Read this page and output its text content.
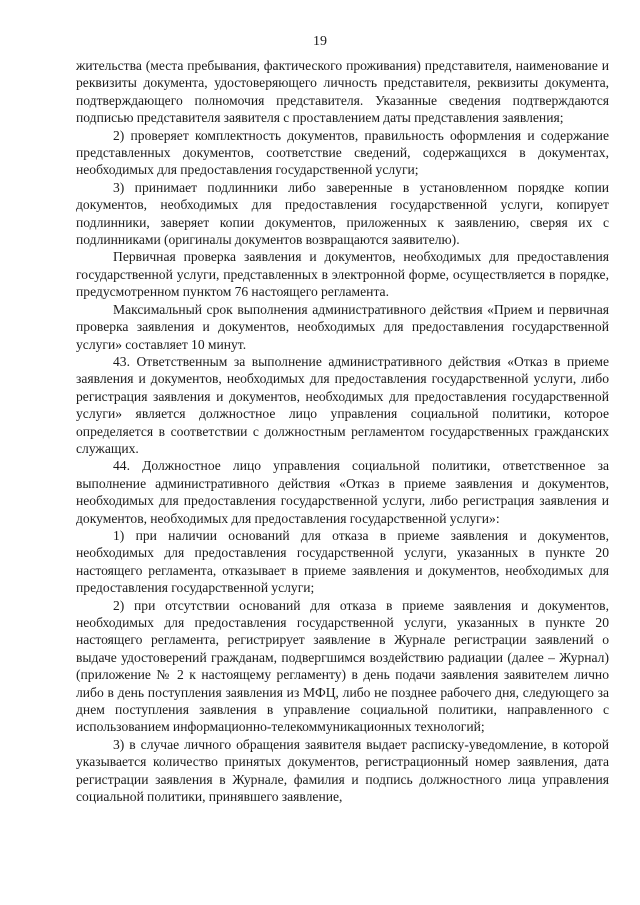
19

жительства (места пребывания, фактического проживания) представителя, наименование и реквизиты документа, удостоверяющего личность представителя, реквизиты документа, подтверждающего полномочия представителя. Указанные сведения подтверждаются подписью представителя заявителя с проставлением даты представления заявления;

2) проверяет комплектность документов, правильность оформления и содержание представленных документов, соответствие сведений, содержащихся в документах, необходимых для предоставления государственной услуги;

3) принимает подлинники либо заверенные в установленном порядке копии документов, необходимых для предоставления государственной услуги, копирует подлинники, заверяет копии документов, приложенных к заявлению, сверяя их с подлинниками (оригиналы документов возвращаются заявителю).

Первичная проверка заявления и документов, необходимых для предоставления государственной услуги, представленных в электронной форме, осуществляется в порядке, предусмотренном пунктом 76 настоящего регламента.

Максимальный срок выполнения административного действия «Прием и первичная проверка заявления и документов, необходимых для предоставления государственной услуги» составляет 10 минут.

43. Ответственным за выполнение административного действия «Отказ в приеме заявления и документов, необходимых для предоставления государственной услуги, либо регистрация заявления и документов, необходимых для предоставления государственной услуги» является должностное лицо управления социальной политики, которое определяется в соответствии с должностным регламентом государственных гражданских служащих.

44. Должностное лицо управления социальной политики, ответственное за выполнение административного действия «Отказ в приеме заявления и документов, необходимых для предоставления государственной услуги, либо регистрация заявления и документов, необходимых для предоставления государственной услуги»:

1) при наличии оснований для отказа в приеме заявления и документов, необходимых для предоставления государственной услуги, указанных в пункте 20 настоящего регламента, отказывает в приеме заявления и документов, необходимых для предоставления государственной услуги;

2) при отсутствии оснований для отказа в приеме заявления и документов, необходимых для предоставления государственной услуги, указанных в пункте 20 настоящего регламента, регистрирует заявление в Журнале регистрации заявлений о выдаче удостоверений гражданам, подвергшимся воздействию радиации (далее – Журнал) (приложение № 2 к настоящему регламенту) в день подачи заявления заявителем лично либо в день поступления заявления из МФЦ, либо не позднее рабочего дня, следующего за днем поступления заявления в управление социальной политики, направленного с использованием информационно-телекоммуникационных технологий;

3) в случае личного обращения заявителя выдает расписку-уведомление, в которой указывается количество принятых документов, регистрационный номер заявления, дата регистрации заявления в Журнале, фамилия и подпись должностного лица управления социальной политики, принявшего заявление,
